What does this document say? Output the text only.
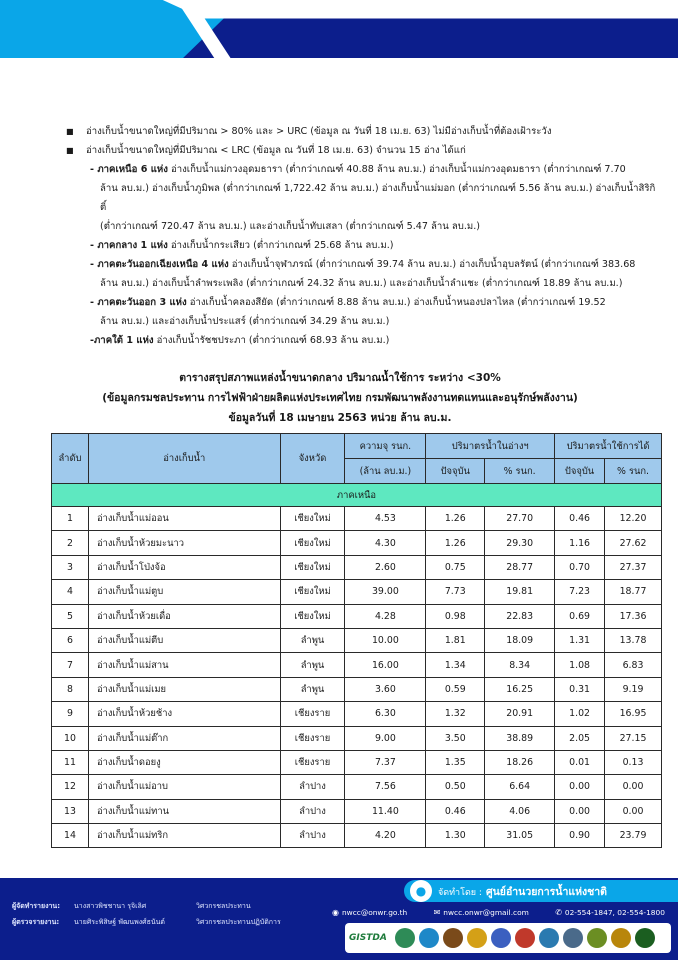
■	อ่างเก็บน้ำขนาดใหญ่ที่มีปริมาณ > 80% และ > URC (ข้อมูล ณ วันที่ 18 เม.ย. 63) ไม่มีอ่างเก็บน้ำที่ต้องเฝ้าระวัง
■	อ่างเก็บน้ำขนาดใหญ่ที่มีปริมาณ < LRC (ข้อมูล ณ วันที่ 18 เม.ย. 63) จำนวน 15 อ่าง ได้แก่
- ภาคเหนือ 6 แห่ง อ่างเก็บน้ำแม่กวงอุดมธารา (ต่ำกว่าเกณฑ์ 40.88 ล้าน ลบ.ม.) อ่างเก็บน้ำแม่กวงอุดมธารา (ต่ำกว่าเกณฑ์ 7.70
ล้าน ลบ.ม.) อ่างเก็บน้ำภูมิพล (ต่ำกว่าเกณฑ์ 1,722.42 ล้าน ลบ.ม.) อ่างเก็บน้ำแม่มอก (ต่ำกว่าเกณฑ์ 5.56 ล้าน ลบ.ม.) อ่างเก็บน้ำสิริกิติ์
(ต่ำกว่าเกณฑ์ 720.47 ล้าน ลบ.ม.) และอ่างเก็บน้ำทับเสลา (ต่ำกว่าเกณฑ์ 5.47 ล้าน ลบ.ม.)
- ภาคกลาง 1 แห่ง อ่างเก็บน้ำกระเสียว (ต่ำกว่าเกณฑ์ 25.68 ล้าน ลบ.ม.)
- ภาคตะวันออกเฉียงเหนือ 4 แห่ง อ่างเก็บน้ำจุฬาภรณ์ (ต่ำกว่าเกณฑ์ 39.74 ล้าน ลบ.ม.) อ่างเก็บน้ำอุบลรัตน์ (ต่ำกว่าเกณฑ์ 383.68
ล้าน ลบ.ม.) อ่างเก็บน้ำลำพระเพลิง (ต่ำกว่าเกณฑ์ 24.32 ล้าน ลบ.ม.) และอ่างเก็บน้ำลำแชะ (ต่ำกว่าเกณฑ์ 18.89 ล้าน ลบ.ม.)
- ภาคตะวันออก 3 แห่ง อ่างเก็บน้ำคลองสียัด (ต่ำกว่าเกณฑ์ 8.88 ล้าน ลบ.ม.) อ่างเก็บน้ำหนองปลาไหล (ต่ำกว่าเกณฑ์ 19.52
ล้าน ลบ.ม.) และอ่างเก็บน้ำประแสร์ (ต่ำกว่าเกณฑ์ 34.29 ล้าน ลบ.ม.)
-ภาคใต้ 1 แห่ง อ่างเก็บน้ำรัชชประภา (ต่ำกว่าเกณฑ์ 68.93 ล้าน ลบ.ม.)
ตารางสรุปสภาพแหล่งน้ำขนาดกลาง ปริมาณน้ำใช้การ ระหว่าง <30%
(ข้อมูลกรมชลประทาน การไฟฟ้าฝ่ายผลิตแห่งประเทศไทย กรมพัฒนาพลังงานทดแทนและอนุรักษ์พลังงาน)
ข้อมูลวันที่ 18 เมษายน 2563 หน่วย ล้าน ลบ.ม.
ลำดับ	อ่างเก็บน้ำ	จังหวัด	ความจุ รนก.	ปริมาตรน้ำในอ่างฯ		ปริมาตรน้ำใช้การได้	
			(ล้าน ลบ.ม.)	ปัจจุบัน	% รนก.	ปัจจุบัน	% รนก.
ภาคเหนือ							
1	อ่างเก็บน้ำแม่ออน	เชียงใหม่	4.53	1.26	27.70	0.46	12.20
2	อ่างเก็บน้ำห้วยมะนาว	เชียงใหม่	4.30	1.26	29.30	1.16	27.62
3	อ่างเก็บน้ำโป่งจ้อ	เชียงใหม่	2.60	0.75	28.77	0.70	27.37
4	อ่างเก็บน้ำแม่ตูบ	เชียงใหม่	39.00	7.73	19.81	7.23	18.77
5	อ่างเก็บน้ำห้วยเดื่อ	เชียงใหม่	4.28	0.98	22.83	0.69	17.36
6	อ่างเก็บน้ำแม่ตีบ	ลำพูน	10.00	1.81	18.09	1.31	13.78
7	อ่างเก็บน้ำแม่สาน	ลำพูน	16.00	1.34	8.34	1.08	6.83
8	อ่างเก็บน้ำแม่เมย	ลำพูน	3.60	0.59	16.25	0.31	9.19
9	อ่างเก็บน้ำห้วยช้าง	เชียงราย	6.30	1.32	20.91	1.02	16.95
10	อ่างเก็บน้ำแม่ต๊าก	เชียงราย	9.00	3.50	38.89	2.05	27.15
11	อ่างเก็บน้ำดอยงู	เชียงราย	7.37	1.35	18.26	0.01	0.13
12	อ่างเก็บน้ำแม่อาบ	ลำปาง	7.56	0.50	6.64	0.00	0.00
13	อ่างเก็บน้ำแม่ทาน	ลำปาง	11.40	0.46	4.06	0.00	0.00
14	อ่างเก็บน้ำแม่ทริก	ลำปาง	4.20	1.30	31.05	0.90	23.79
ผู้จัดทำรายงาน:	นางสาวพิชชานา รุจิเลิศ	วิศวกรชลประทาน
ผู้ตรวจรายงาน:	นายศิระพิสิษฐ์ พัฒนพงศ์ธนันต์	วิศวกรชลประทานปฏิบัติการ
●	จัดทำโดย : ศูนย์อำนวยการน้ำแห่งชาติ
◉ nwcc@onwr.go.th	✉ nwcc.onwr@gmail.com	✆ 02-554-1847, 02-554-1800
GISTDA
